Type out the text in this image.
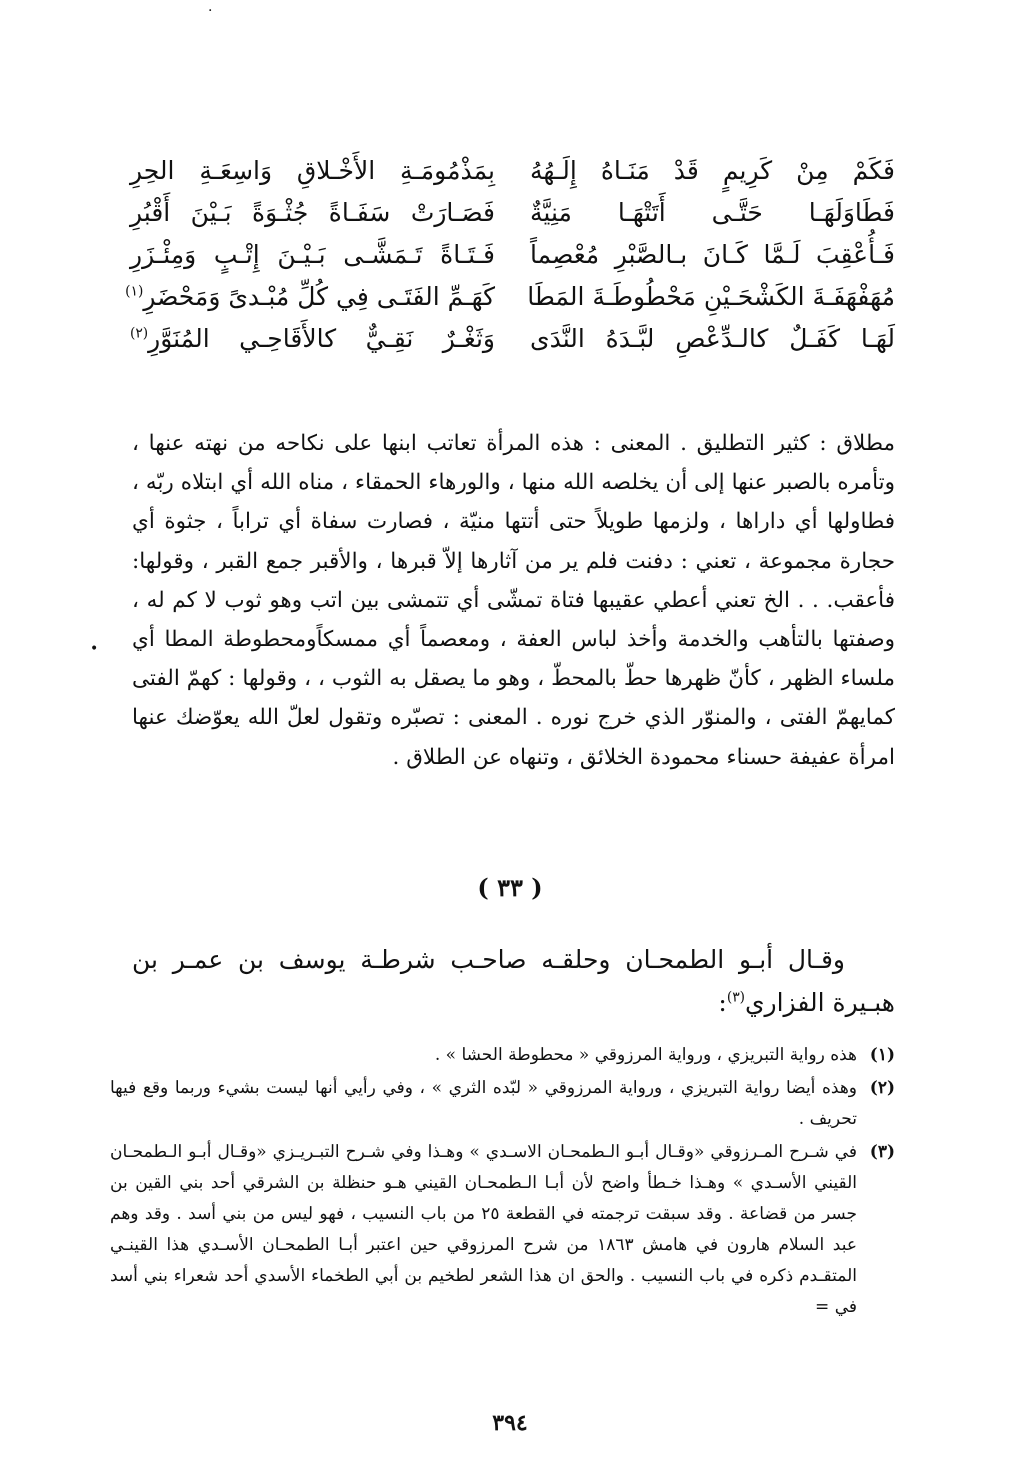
·
•
فَكَمْ مِنْ كَرِيمٍ قَدْ مَنَـاهُ إِلَـهُهُ
بِمَذْمُومَـةِ الأَخْـلاقِ وَاسِعَـةِ الحِرِ
فَطَاوَلَهَـا حَتَّـى أَتَتْهَـا مَنِيَّةٌ
فَصَـارَتْ سَفَـاةً جُثْـوَةً بَـيْنَ أَقْبُرِ
فَـأُعْقِبَ لَـمَّا كَـانَ بـالصَّبْرِ مُعْصِماً
فَـتَـاةً تَـمَشَّـى بَـيْـنَ إِتْـبٍ وَمِئْـزَرِ
مُهَفْهَفَـةَ الكَشْحَـيْنِ مَحْطُوطَـةَ المَطَا
كَهَـمِّ الفَتَـى فِي كُلِّ مُبْـدىً وَمَحْضَرِ$^{(١)}$
لَهَـا كَفَـلٌ كالـدِّعْصِ لبَّـدَهُ النَّدَى
وَثَغْـرٌ نَقِـيٌّ كالأَقَاحِـي المُنَوَّرِ$^{(٢)}$

مطلاق : كثير التطليق . المعنى : هذه المرأة تعاتب ابنها على نكاحه من نهته عنها ، وتأمره بالصبر عنها إلى أن يخلصه الله منها ، والورهاء الحمقاء ، مناه الله أي ابتلاه ربّه ، فطاولها أي داراها ، ولزمها طويلاً حتى أتتها منيّة ، فصارت سفاة أي تراباً ، جثوة أي حجارة مجموعة ، تعني : دفنت فلم ير من آثارها إلاّ قبرها ، والأقبر جمع القبر ، وقولها: فأعقب. . . الخ تعني أعطي عقيبها فتاة تمشّى أي تتمشى بين اتب وهو ثوب لا كم له ، وصفتها بالتأهب والخدمة وأخذ لباس العفة ، ومعصماً أي ممسكاًومحطوطة المطا أي ملساء الظهر ، كأنّ ظهرها حطّ بالمحطّ ، وهو ما يصقل به الثوب ، ، وقولها : كهمّ الفتى كمايهمّ الفتى ، والمنوّر الذي خرج نوره . المعنى : تصبّره وتقول لعلّ الله يعوّضك عنها امرأة عفيفة حسناء محمودة الخلائق ، وتنهاه عن الطلاق .

( ٣٣ )

وقـال أبـو الطمحـان وحلقـه صاحـب شرطـة يوسف بن عمـر بن هبـيرة الفزاري$^{(٣)}$:

(١)
هذه رواية التبريزي ، ورواية المرزوقي « محطوطة الحشا » .
(٢)
وهذه أيضا رواية التبريزي ، ورواية المرزوقي « لبّده الثري » ، وفي رأيي أنها ليست بشيء وربما وقع فيها تحريف .
(٣)
في شـرح المـرزوقي «وقـال أبـو الـطمحـان الاسـدي » وهـذا وفي شـرح التبـريـزي «وقـال أبـو الـطمحـان القيني الأسـدي » وهـذا خـطأ واضح لأن أبـا الـطمحـان القيني هـو حنظلة بن الشرقي أحد بني القين بن جسر من قضاعة . وقد سبقت ترجمته في القطعة ٢٥ من باب النسيب ، فهو ليس من بني أسد . وقد وهم عبد السلام هارون في هامش ١٨٦٣ من شرح المرزوقي حين اعتبر أبـا الطمحـان الأسـدي هذا القينـي المتقـدم ذكره في باب النسيب . والحق ان هذا الشعر لطخيم بن أبي الطخماء الأسدي أحد شعراء بني أسد في =
٣٩٤
